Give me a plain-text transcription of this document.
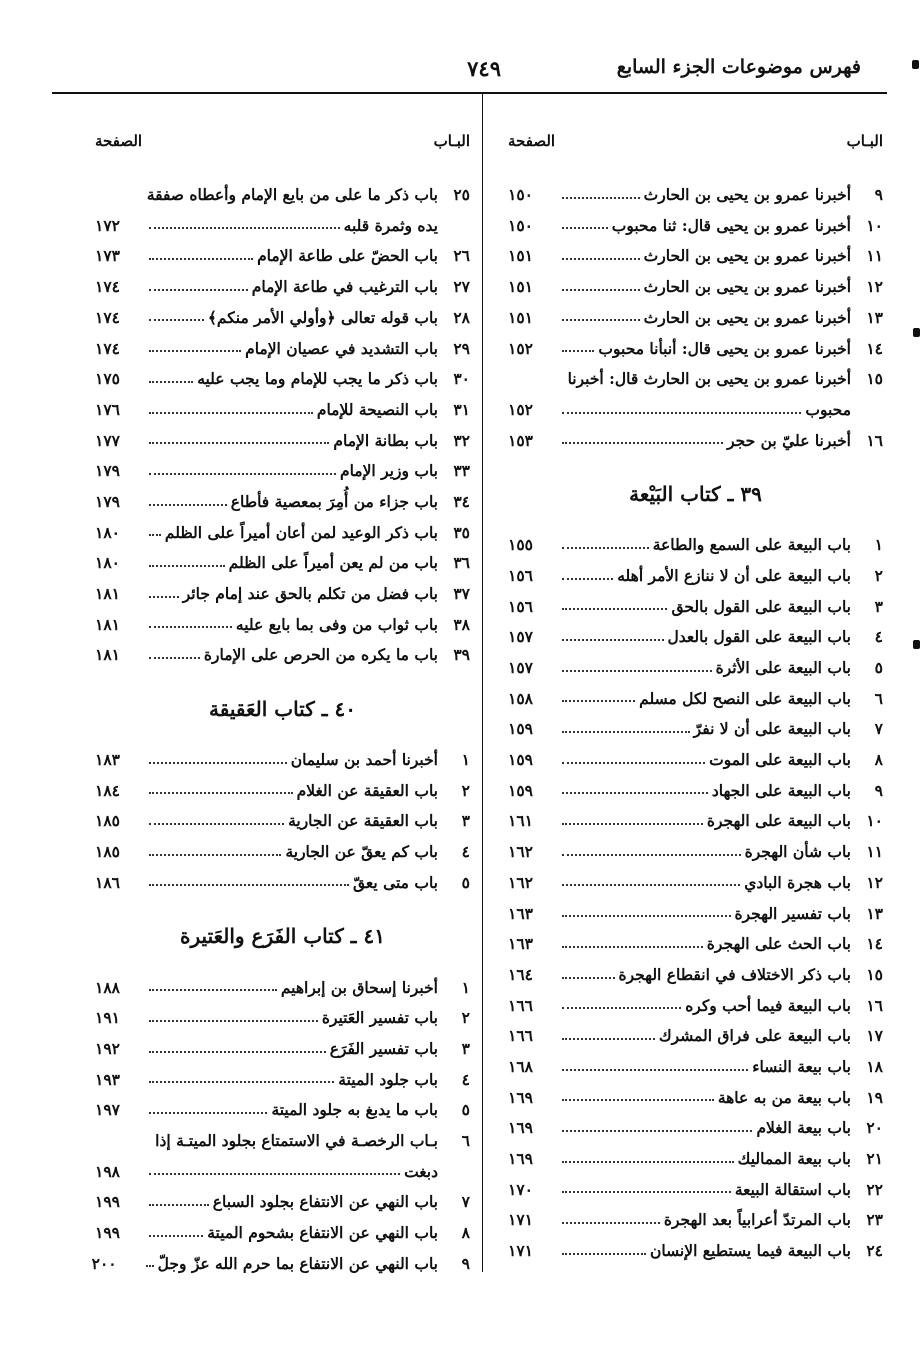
فهرس موضوعات الجزء السابع
٧٤٩
البـاب
الصفحة
٩
أخبرنا عمرو بن يحيى بن الحارث
١٥٠
١٠
أخبرنا عمرو بن يحيى قال: ثنا محبوب
١٥٠
١١
أخبرنا عمرو بن يحيى بن الحارث
١٥١
١٢
أخبرنا عمرو بن يحيى بن الحارث
١٥١
١٣
أخبرنا عمرو بن يحيى بن الحارث
١٥١
١٤
أخبرنا عمرو بن يحيى قال: أنبأنا محبوب
١٥٢
١٥
أخبرنا عمرو بن يحيى بن الحارث قال: أخبرنا
محبوب
١٥٢
١٦
أخبرنا عليّ بن حجر
١٥٣
٣٩ ـ كتاب البَيْعة
١
باب البيعة على السمع والطاعة
١٥٥
٢
باب البيعة على أن لا ننازع الأمر أهله
١٥٦
٣
باب البيعة على القول بالحق
١٥٦
٤
باب البيعة على القول بالعدل
١٥٧
٥
باب البيعة على الأثرة
١٥٧
٦
باب البيعة على النصح لكل مسلم
١٥٨
٧
باب البيعة على أن لا نفرّ
١٥٩
٨
باب البيعة على الموت
١٥٩
٩
باب البيعة على الجهاد
١٥٩
١٠
باب البيعة على الهجرة
١٦١
١١
باب شأن الهجرة
١٦٢
١٢
باب هجرة البادي
١٦٢
١٣
باب تفسير الهجرة
١٦٣
١٤
باب الحث على الهجرة
١٦٣
١٥
باب ذكر الاختلاف في انقطاع الهجرة
١٦٤
١٦
باب البيعة فيما أحب وكره
١٦٦
١٧
باب البيعة على فراق المشرك
١٦٦
١٨
باب بيعة النساء
١٦٨
١٩
باب بيعة من به عاهة
١٦٩
٢٠
باب بيعة الغلام
١٦٩
٢١
باب بيعة المماليك
١٦٩
٢٢
باب استقالة البيعة
١٧٠
٢٣
باب المرتدّ أعرابياً بعد الهجرة
١٧١
٢٤
باب البيعة فيما يستطيع الإنسان
١٧١
البـاب
الصفحة
٢٥
باب ذكر ما على من بايع الإمام وأعطاه صفقة
يده وثمرة قلبه
١٧٢
٢٦
باب الحضّ على طاعة الإمام
١٧٣
٢٧
باب الترغيب في طاعة الإمام
١٧٤
٢٨
باب قوله تعالى ﴿وأولي الأمر منكم﴾
١٧٤
٢٩
باب التشديد في عصيان الإمام
١٧٤
٣٠
باب ذكر ما يجب للإمام وما يجب عليه
١٧٥
٣١
باب النصيحة للإمام
١٧٦
٣٢
باب بطانة الإمام
١٧٧
٣٣
باب وزير الإمام
١٧٩
٣٤
باب جزاء من أُمِرَ بمعصية فأطاع
١٧٩
٣٥
باب ذكر الوعيد لمن أعان أميراً على الظلم
١٨٠
٣٦
باب من لم يعن أميراً على الظلم
١٨٠
٣٧
باب فضل من تكلم بالحق عند إمام جائر
١٨١
٣٨
باب ثواب من وفى بما بايع عليه
١٨١
٣٩
باب ما يكره من الحرص على الإمارة
١٨١
٤٠ ـ كتاب العَقيقة
١
أخبرنا أحمد بن سليمان
١٨٣
٢
باب العقيقة عن الغلام
١٨٤
٣
باب العقيقة عن الجارية
١٨٥
٤
باب كم يعقّ عن الجارية
١٨٥
٥
باب متى يعقّ
١٨٦
٤١ ـ كتاب الفَرَع والعَتيرة
١
أخبرنا إسحاق بن إبراهيم
١٨٨
٢
باب تفسير العَتيرة
١٩١
٣
باب تفسير الفَرَع
١٩٢
٤
باب جلود الميتة
١٩٣
٥
باب ما يدبغ به جلود الميتة
١٩٧
٦
بـاب الرخصـة في الاستمتاع بجلود الميتـة إذا
دبغت
١٩٨
٧
باب النهي عن الانتفاع بجلود السباع
١٩٩
٨
باب النهي عن الانتفاع بشحوم الميتة
١٩٩
٩
باب النهي عن الانتفاع بما حرم الله عزّ وجلّ
٢٠٠
